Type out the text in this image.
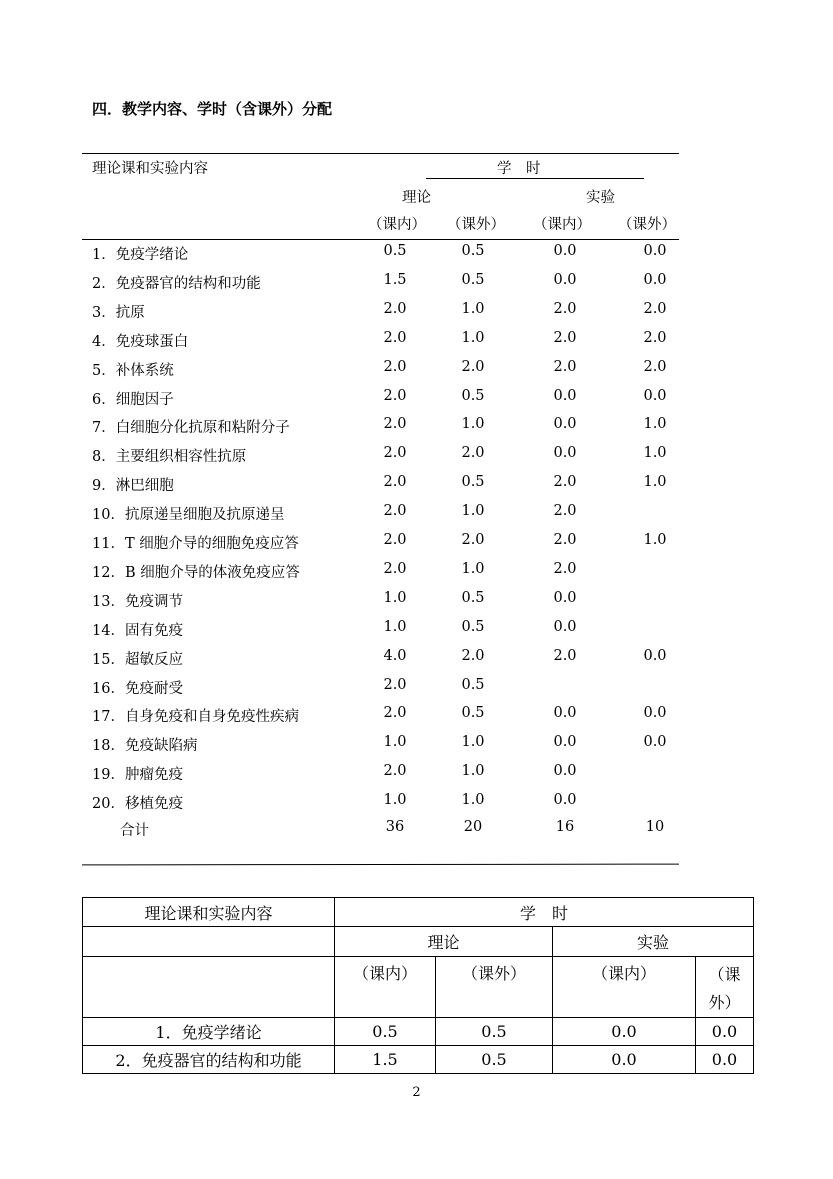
四．教学内容、学时（含课外）分配
理论课和实验内容	学　时
理论	实验
（课内） （课外） （课内） （课外）
1．免疫学绪论	0.5	0.5	0.0	0.0
2．免疫器官的结构和功能	1.5	0.5	0.0	0.0
3．抗原	2.0	1.0	2.0	2.0
4．免疫球蛋白	2.0	1.0	2.0	2.0
5．补体系统	2.0	2.0	2.0	2.0
6．细胞因子	2.0	0.5	0.0	0.0
7．白细胞分化抗原和粘附分子	2.0	1.0	0.0	1.0
8．主要组织相容性抗原	2.0	2.0	0.0	1.0
9．淋巴细胞	2.0	0.5	2.0	1.0
10．抗原递呈细胞及抗原递呈	2.0	1.0	2.0
11．T 细胞介导的细胞免疫应答	2.0	2.0	2.0	1.0
12．B 细胞介导的体液免疫应答	2.0	1.0	2.0
13．免疫调节	1.0	0.5	0.0
14．固有免疫	1.0	0.5	0.0
15．超敏反应	4.0	2.0	2.0	0.0
16．免疫耐受	2.0	0.5
17．自身免疫和自身免疫性疾病	2.0	0.5	0.0	0.0
18．免疫缺陷病	1.0	1.0	0.0	0.0
19．肿瘤免疫	2.0	1.0	0.0
20．移植免疫	1.0	1.0	0.0
合计	36	20	16	10
理论课和实验内容	学　时			
	理论		实验	
	（课内）	（课外）	（课内）	（课
外）

1．免疫学绪论	0.5	0.5	0.0	0.0
2．免疫器官的结构和功能	1.5	0.5	0.0	0.0
2
